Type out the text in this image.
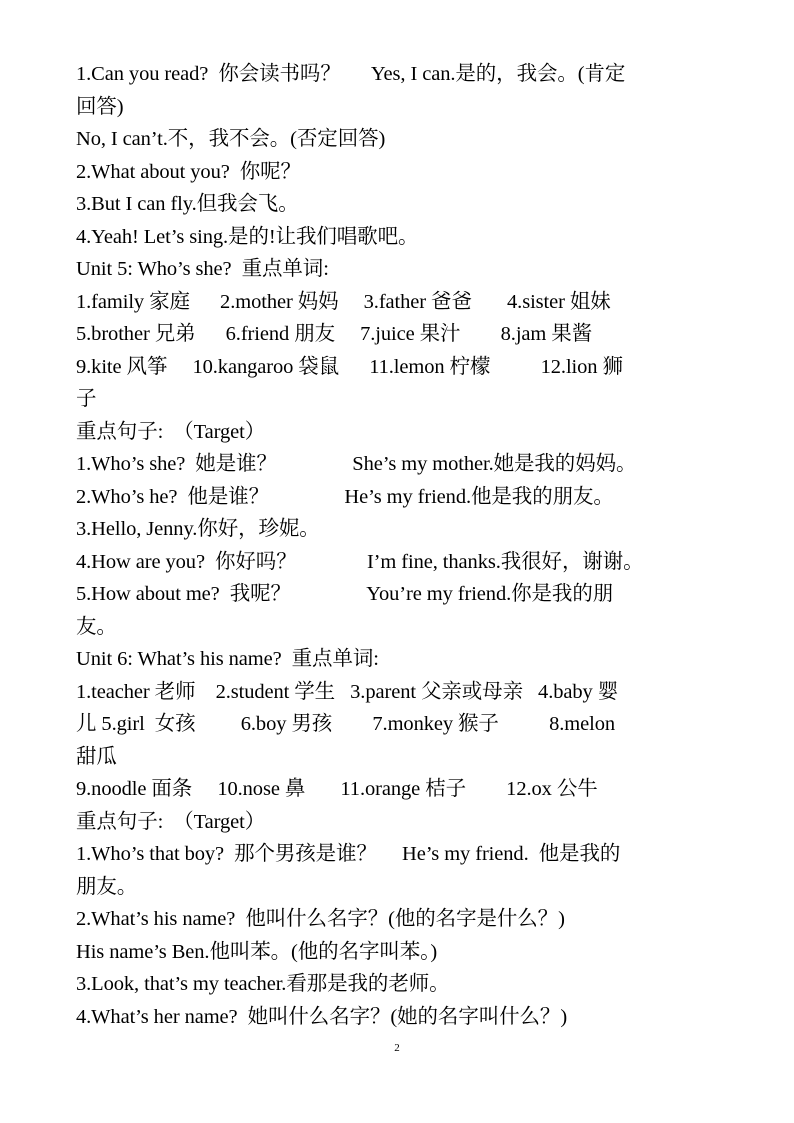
1.Can you read?  你会读书吗？      Yes, I can.是的，我会。(肯定
回答)
No, I can’t.不，我不会。(否定回答)
2.What about you?  你呢？
3.But I can fly.但我会飞。
4.Yeah! Let’s sing.是的!让我们唱歌吧。
Unit 5: Who’s she?  重点单词:
1.family 家庭      2.mother 妈妈     3.father 爸爸       4.sister 姐妹
5.brother 兄弟      6.friend 朋友     7.juice 果汁        8.jam 果酱
9.kite 风筝     10.kangaroo 袋鼠      11.lemon 柠檬          12.lion 狮
子
重点句子:  （Target）
1.Who’s she?  她是谁？               She’s my mother.她是我的妈妈。
2.Who’s he?  他是谁？               He’s my friend.他是我的朋友。
3.Hello, Jenny.你好，珍妮。
4.How are you?  你好吗？              I’m fine, thanks.我很好，谢谢。
5.How about me?  我呢？               You’re my friend.你是我的朋
友。
Unit 6: What’s his name?  重点单词:
1.teacher 老师    2.student 学生   3.parent 父亲或母亲   4.baby 婴
儿 5.girl  女孩         6.boy 男孩        7.monkey 猴子          8.melon
甜瓜
9.noodle 面条     10.nose 鼻       11.orange 桔子        12.ox 公牛
重点句子:  （Target）
1.Who’s that boy?  那个男孩是谁？     He’s my friend.  他是我的
朋友。
2.What’s his name?  他叫什么名字？(他的名字是什么？)
His name’s Ben.他叫苯。(他的名字叫苯。)
3.Look, that’s my teacher.看那是我的老师。
4.What’s her name?  她叫什么名字？(她的名字叫什么？)
2
